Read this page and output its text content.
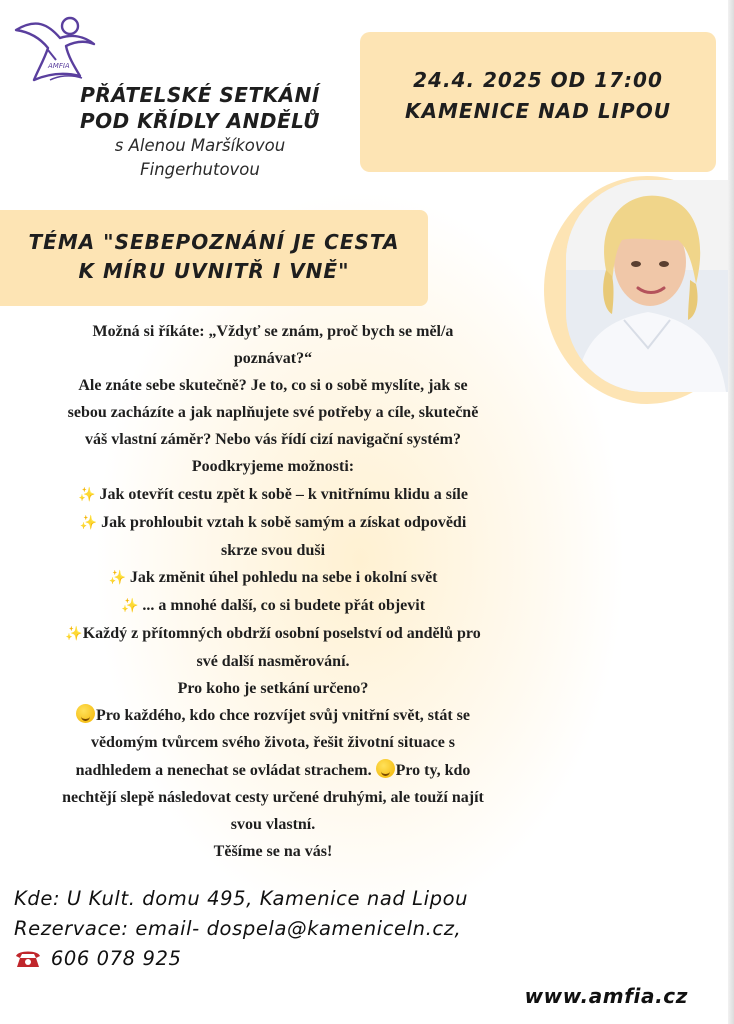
AMFIA
PŘÁTELSKÉ SETKÁNÍ
POD KŘÍDLY ANDĚLŮ
s Alenou Maršíkovou
Fingerhutovou
24.4. 2025 OD 17:00
KAMENICE NAD LIPOU
TÉMA "SEBEPOZNÁNÍ JE CESTA
K MÍRU UVNITŘ I VNĚ"
Možná si říkáte: „Vždyť se znám, proč bych se měl/a
poznávat?“
Ale znáte sebe skutečně? Je to, co si o sobě myslíte, jak se
sebou zacházíte a jak naplňujete své potřeby a cíle, skutečně
váš vlastní záměr? Nebo vás řídí cizí navigační systém?
Poodkryjeme možnosti:
✨ Jak otevřít cestu zpět k sobě – k vnitřnímu klidu a síle
✨ Jak prohloubit vztah k sobě samým a získat odpovědi
skrze svou duši
✨ Jak změnit úhel pohledu na sebe i okolní svět
✨ ... a mnohé další, co si budete přát objevit
✨Každý z přítomných obdrží osobní poselství od andělů pro
své další nasměrování.
Pro koho je setkání určeno?
Pro každého, kdo chce rozvíjet svůj vnitřní svět, stát se
vědomým tvůrcem svého života, řešit životní situace s
nadhledem a nenechat se ovládat strachem. Pro ty, kdo
nechtějí slepě následovat cesty určené druhými, ale touží najít
svou vlastní.
Těšíme se na vás!
Kde: U Kult. domu 495, Kamenice nad Lipou
Rezervace: email- dospela@kameniceln.cz,
606 078 925
www.amfia.cz
